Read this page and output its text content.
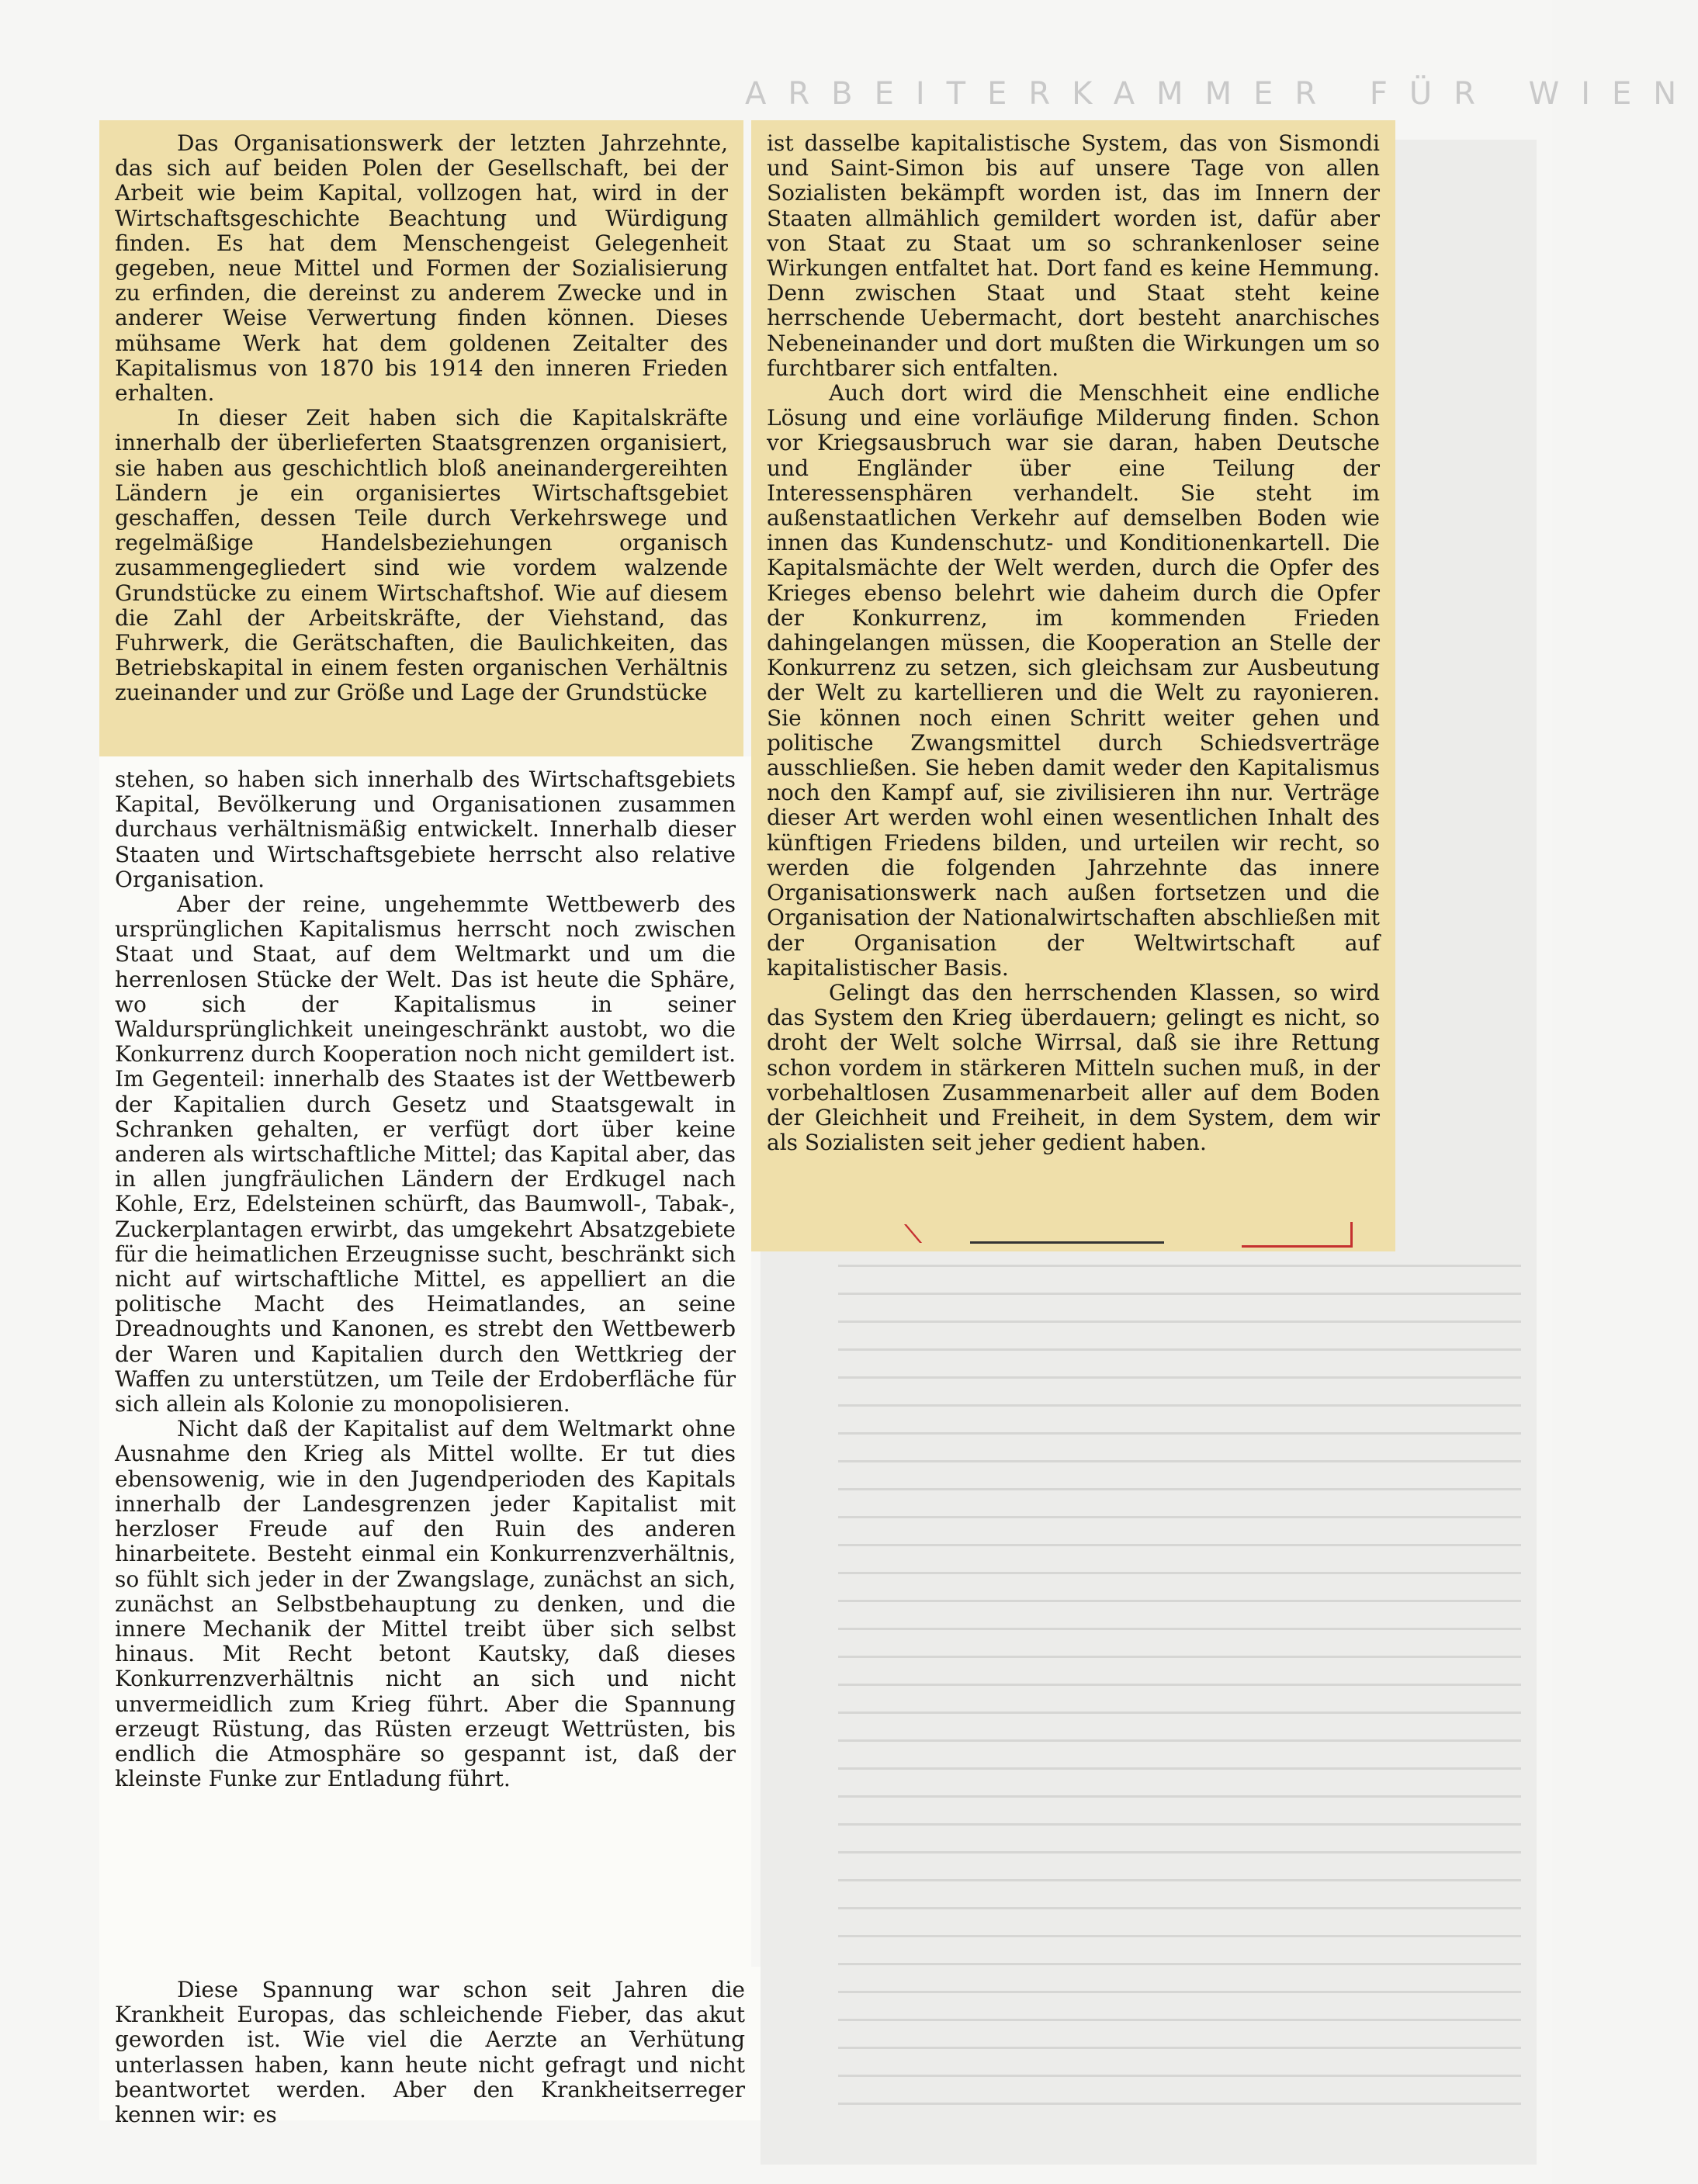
ARBEITERKAMMER FÜR WIEN

Das Organisationswerk der letzten Jahrzehnte, das sich auf beiden Polen der Gesellschaft, bei der Arbeit wie beim Kapital, vollzogen hat, wird in der Wirtschaftsgeschichte Beachtung und Würdigung finden. Es hat dem Menschengeist Gelegenheit gegeben, neue Mittel und Formen der Sozialisierung zu erfinden, die dereinst zu anderem Zwecke und in anderer Weise Verwertung finden können. Dieses mühsame Werk hat dem goldenen Zeitalter des Kapitalismus von 1870 bis 1914 den inneren Frieden erhalten.

In dieser Zeit haben sich die Kapitalskräfte innerhalb der überlieferten Staatsgrenzen organisiert, sie haben aus geschichtlich bloß aneinandergereihten Ländern je ein organisiertes Wirtschaftsgebiet geschaffen, dessen Teile durch Verkehrswege und regelmäßige Handelsbeziehungen organisch zusammengegliedert sind wie vordem walzende Grundstücke zu einem Wirtschaftshof. Wie auf diesem die Zahl der Arbeitskräfte, der Viehstand, das Fuhrwerk, die Gerätschaften, die Baulichkeiten, das Betriebskapital in einem festen organischen Verhältnis zueinander und zur Größe und Lage der Grundstücke

ist dasselbe kapitalistische System, das von Sismondi und Saint-Simon bis auf unsere Tage von allen Sozialisten bekämpft worden ist, das im Innern der Staaten allmählich gemildert worden ist, dafür aber von Staat zu Staat um so schrankenloser seine Wirkungen entfaltet hat. Dort fand es keine Hemmung. Denn zwischen Staat und Staat steht keine herrschende Uebermacht, dort besteht anarchisches Nebeneinander und dort mußten die Wirkungen um so furchtbarer sich entfalten.

Auch dort wird die Menschheit eine endliche Lösung und eine vorläufige Milderung finden. Schon vor Kriegsausbruch war sie daran, haben Deutsche und Engländer über eine Teilung der Interessensphären verhandelt. Sie steht im außenstaatlichen Verkehr auf demselben Boden wie innen das Kundenschutz- und Konditionenkartell. Die Kapitalsmächte der Welt werden, durch die Opfer des Krieges ebenso belehrt wie daheim durch die Opfer der Konkurrenz, im kommenden Frieden dahingelangen müssen, die Kooperation an Stelle der Konkurrenz zu setzen, sich gleichsam zur Ausbeutung der Welt zu kartellieren und die Welt zu rayonieren. Sie können noch einen Schritt weiter gehen und politische Zwangsmittel durch Schiedsverträge ausschließen. Sie heben damit weder den Kapitalismus noch den Kampf auf, sie zivilisieren ihn nur. Verträge dieser Art werden wohl einen wesentlichen Inhalt des künftigen Friedens bilden, und urteilen wir recht, so werden die folgenden Jahrzehnte das innere Organisationswerk nach außen fortsetzen und die Organisation der Nationalwirtschaften abschließen mit der Organisation der Weltwirtschaft auf kapitalistischer Basis.

Gelingt das den herrschenden Klassen, so wird das System den Krieg überdauern; gelingt es nicht, so droht der Welt solche Wirrsal, daß sie ihre Rettung schon vordem in stärkeren Mitteln suchen muß, in der vorbehaltlosen Zusammenarbeit aller auf dem Boden der Gleichheit und Freiheit, in dem System, dem wir als Sozialisten seit jeher gedient haben.

stehen, so haben sich innerhalb des Wirtschaftsgebiets Kapital, Bevölkerung und Organisationen zusammen durchaus verhältnismäßig entwickelt. Innerhalb dieser Staaten und Wirtschaftsgebiete herrscht also relative Organisation.

Aber der reine, ungehemmte Wettbewerb des ursprünglichen Kapitalismus herrscht noch zwischen Staat und Staat, auf dem Weltmarkt und um die herrenlosen Stücke der Welt. Das ist heute die Sphäre, wo sich der Kapitalismus in seiner Waldursprünglichkeit uneingeschränkt austobt, wo die Konkurrenz durch Kooperation noch nicht gemildert ist. Im Gegenteil: innerhalb des Staates ist der Wettbewerb der Kapitalien durch Gesetz und Staatsgewalt in Schranken gehalten, er verfügt dort über keine anderen als wirtschaftliche Mittel; das Kapital aber, das in allen jungfräulichen Ländern der Erdkugel nach Kohle, Erz, Edelsteinen schürft, das Baumwoll-, Tabak-, Zuckerplantagen erwirbt, das umgekehrt Absatzgebiete für die heimatlichen Erzeugnisse sucht, beschränkt sich nicht auf wirtschaftliche Mittel, es appelliert an die politische Macht des Heimatlandes, an seine Dreadnoughts und Kanonen, es strebt den Wettbewerb der Waren und Kapitalien durch den Wettkrieg der Waffen zu unterstützen, um Teile der Erdoberfläche für sich allein als Kolonie zu monopolisieren.

Nicht daß der Kapitalist auf dem Weltmarkt ohne Ausnahme den Krieg als Mittel wollte. Er tut dies ebensowenig, wie in den Jugendperioden des Kapitals innerhalb der Landesgrenzen jeder Kapitalist mit herzloser Freude auf den Ruin des anderen hinarbeitete. Besteht einmal ein Konkurrenzverhältnis, so fühlt sich jeder in der Zwangslage, zunächst an sich, zunächst an Selbstbehauptung zu denken, und die innere Mechanik der Mittel treibt über sich selbst hinaus. Mit Recht betont Kautsky, daß dieses Konkurrenzverhältnis nicht an sich und nicht unvermeidlich zum Krieg führt. Aber die Spannung erzeugt Rüstung, das Rüsten erzeugt Wettrüsten, bis endlich die Atmosphäre so gespannt ist, daß der kleinste Funke zur Entladung führt.

Diese Spannung war schon seit Jahren die Krankheit Europas, das schleichende Fieber, das akut geworden ist. Wie viel die Aerzte an Verhütung unterlassen haben, kann heute nicht gefragt und nicht beantwortet werden. Aber den Krankheitserreger kennen wir: es
